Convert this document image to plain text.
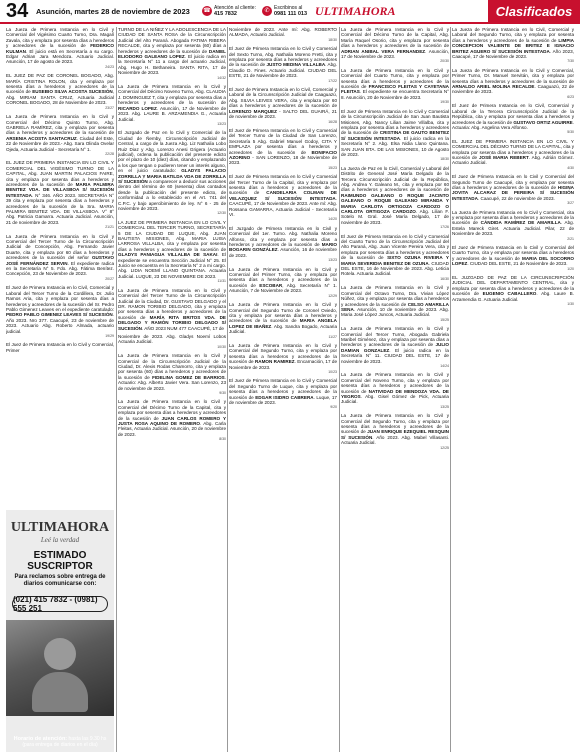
34	Asunción, martes 28 de noviembre de 2023	☎ Atención al cliente:
415 7832	✆ Escribinos al
0981 111 013 ULTIMAHORA	Clasificados
La Jueza de Primera Instancia en lo Civil y Comercial del Vigésimo Cuarto Turno, Dra. Magalí Zavala, cita y emplaza por sesenta días a herederos y acreedores de la sucesión de FEDERICO KULMAN. El juicio está en Secretaría a su cargo. Edgar Adrian Jara Mendoza. Actuario Judicial. Asunción, 17 de agosto de 2023.
24/23
EL JUEZ DE PAZ DE CORONEL BOGADO, Abg. MARÍA CRISTINA ROLON, cita y emplaza por sesenta días a herederos y acreedores de la sucesión de EUSEBIO SILVA ACOSTA SUCESIÓN, Abg. MIRIAM SANTA CRUZ, Actuaria Judicial CORONEL BOGADO, 28 de Noviembre de 2023.
23/27
La Jueza de Primera Instancia en lo Civil y Comercial del Décimo Quinto Turno, Abg. GABRIELA RAMÍREZ, cita y emplaza por sesenta días a herederos y acreedores de la sucesión de ARSENIA ACOSTA SANTACRUZ. Ciudad del Este, 22 de Noviembre de 2023.- Abg. Sara Olinda Ovelar Ojeda, Actuaria Judicial - Secretaría N° 1.
22/28
EL JUEZ DE PRIMERA INSTANCIA EN LO CIVIL Y COMERCIAL DEL VIGÉSIMO TURNO DE LA CAPITAL, Abg. JUAN MARTIN PALACIOS FAIRE, cita y emplaza por sesenta días a herederos y acreedores de la sucesión de MARIA PALMIRA BENITEZ VDA. DE VILLASBOA S/ SUCESIÓN INTESTADA. N° 346. AÑO 2023. SECRETARÍA N° 39 cita y emplaza por sesenta días a herederos y acreedores de la sucesión de la Sra. MARIA PALMIRA BENITEZ VDA. DE VILLASBOA. V° 8° Abg. Patricia Gamarra. Actuaria Judicial. Asunción, 21 de noviembre de 2023.
21/21
La Jueza de Primera Instancia en lo Civil y Comercial del Tercer Turno de la Circunscripción Judicial de Concepción, Abg. Fernando Javier Duarte, cita y emplaza por 60 días a herederos y acreedores de la sucesión del señor GUSTAVO JOSÉ FERNÁNDEZ SERVIN. El expediente radica en la Secretaría N° 5. Fdo. Abg. Fátima Benítez. Concepción, 23 de Noviembre de 2023.
20/27
El Juez de Primera Instancia en lo Civil, Comercial y Laboral del Tercer Turno de la Cordillera, Dr. Julio Ramos Aria, cita y emplaza por sesenta días a herederos y acreedores de la sucesión del Sr. Pedro Pablo Gimenez Leaves en el expediente caratulado: PEDRO PABLO GIMENEZ LEAVES S/ SUCESIÓN. Año 2023. Nro 377. Caacupé, 23 de noviembre de 2023. Actuario Abg. Roberto Almada, actuario judicial.
19/29
El Juez de Primera Instancia en lo Civil y Comercial, Primer
TURNO DE LA NIÑEZ Y LA ADOLESCENCIA DE LA CIUDAD DE SANTA ROSA de la Circunscripción Judicial del Alto Paraná. Abogada FATIMA RIBERA RECALDE, cita y emplaza por sesenta (60) días a herederos y acreedores de la sucesión de DANIEL ELIODORO GALEANO LOPEZ. El juicio radica en la Secretaría N° 11 a cargo del actuario Judicial, Abg. Hugo H. Bethaneira. SANTA RITA, 17 de Noviembre de 2023.
14/32
La Jueza de Primera Instancia en lo Civil y Comercial del Décimo Noveno Turno, Abg. CLAUDIA J. DOMINGUEZ T, cita y emplaza por sesenta días a herederos y acreedores de la sucesión de RICARDO LOPEZ. Asunción, 17 de Noviembre de 2023. Abg. LAURE B. ARZAMENDIA G., Actuaria Judicial.
13/23
El Juzgado de Paz en lo Civil y Comercial de la Ciudad de Ñemby, Circunscripción Judicial de Central, a cargo de la Jueza Abg. Liz Nathalia Lobo Ruiz Diaz y Abg. Lorenzo Anesi Grigera (Actuario judicial), ordena la publicación del presente edicto por el plazo de 10 (diez) días, citando y emplazando a los que tengan o pudieren tener un interés alguno, en el juicio caratulado: GLADYS PALACIO ZORRILLA Y MARIA BATILDA VDA DE ZORRILLA S/ SUCESIÓN a comparecer a deducir sus acciones dentro del término de 60 (sesenta) días contados desde la publicación del presente edicto, de conformidad a lo establecido en el Art. 741 del C.P.C. y bajo apercibimiento de ley. N° 6 - 25 de noviembre de 2023.
12/30
LA JUEZ DE PRIMERA INSTANCIA EN LO CIVIL Y COMERCIAL DEL TERCER TURNO, SECRETARÍA 5 DE LA CIUDAD DE LUQUE, Abg. JUAN BAUTISTA MISIONES, Abg. MARIA LUISA LARROSA VILLALBA, cita y emplaza por sesenta días a herederos y acreedores de la sucesión de GLADYS PANIAGUA VILLALBA DE SAKAI. El expediente se encuentra Sección Judicial N° 25. El Juicio se encuentra en la Secretaría N° 2 a mi cargo. Abg. LIDIA NOEMÍ LLANO QUINTANA. Actuaria Judicial. LUQUE, 23 DE NOVIEMBRE DE 2023.
11/31
La Jueza de Primera Instancia en lo Civil y Comercial del Tercer Turno de la Circunscripción Judicial de la Ciudad, Dr. GUSTAVO DELGADO y el DR. RAMON TORIBIO DELGADO, cita y emplaza por sesenta días a herederos y acreedores de la sucesión de MARÍA RITA BRITOS VDA. DE DELGADO Y RAMÓN TORIBIO DELGADO S/ SUCESIÓN. AÑO 2023 NUM 477 CAACUPÉ, 17 de
Noviembre de 2023. Abg. Gladys Noemí Lobos Actuaria Judicial.
10/30
La Jueza de Primera Instancia en lo Civil y Comercial de la Circunscripción Judicial de la Ciudad, Dr. Alexis Rodas Chamorro, cita y emplaza por sesenta (60) días a herederos y acreedores de la sucesión de FIDELINA GOMEZ DE BARRIOS. Actuario: Abg. Alberto Javier Vera. San Lorenzo, 23 de noviembre de 2023.
9/30
La Jueza de Primera Instancia en lo Civil y Comercial del Décimo Turno de la Capital, cita y emplaza por sesenta días a herederos y acreedores de la sucesión de JUAN CARLOS ROMERO Y JUSTA ROSA AQUINO DE ROMERO. Abg. Carla Fleitas, Actuaria Judicial. Asunción, 20 de noviembre de 2023.
8/30
Noviembre de 2023. Ante mí: Abg. ROBERTO ALMADA, Actuario Judicial.
18/30
El Juez de Primera Instancia en lo Civil y Comercial del Sexto Turno, Abg. Nathalia Moreno Fretti, cita y emplaza por sesenta días a herederos y acreedores de la sucesión de JUSTO MEDINA VILLALBA. Abg. Claudio D. Fines. Actuario Judicial. CIUDAD DEL ESTE, 21 de Noviembre de 2023.
17/22
El Juez de Primera Instancia en lo Civil, Comercial y Laboral de la Circunscripción Judicial de Caaguazú, Abg. SILVIA LEIVES VERA, cita y emplaza por 60 días a herederos y acreedores de la sucesión de LORENZO MARQUEZ - SALTO DEL GUAIRÁ, 21 de noviembre de 2023.
16/28
El Juez de Primera Instancia en lo Civil y Comercial del Tercer Turno de la Ciudad de San Lorenzo, Secretaría 5 Abg. Gabriel Manuel Godoy, CITA Y EMPLAZA por sesenta días a herederos y acreedores de la sucesión de BONIFACIO AZORINO - SAN LORENZO, 18 de Noviembre de 2023.
15/23
El Juez de Primera Instancia en lo Civil y Comercial del Tercer Turno de la Capital, cita y emplaza por sesenta días a herederos y acreedores de la sucesión de CANDELARIA COLMAN DE VELAZQUEZ S/ SUCESIÓN INTESTADA. CAACUPÉ, 17 de Noviembre de 2023. Ante mí: Abg. Rossana GAMARRA, Actuaria Judicial - Secretaría VI.
14/20
El Juzgado de Primera Instancia en lo Civil y Comercial del 1er. Turno. Abg. Nathalia Moreno Alfonso, cita y emplaza por sesenta días a herederos y acreedores de la sucesión de MARIO BOGARIN GONZÁLEZ. Asunción, 16 de noviembre de 2023.
13/23
La Jueza de Primera Instancia en lo Civil y Comercial del Primer Turno, cita y emplaza por sesenta días a herederos y acreedores de la sucesión de ESCOBAR, Abg. Secretaría N° 1. Asunción, 7 de Noviembre de 2023.
12/29
La Jueza de Primera Instancia en lo Civil y Comercial del Segundo Turno de Coronel Oviedo, cita y emplaza por sesenta días a herederos y acreedores de la sucesión de MARIA ANGELA LOPEZ DE IBAÑEZ. Abg. Sandra Bogado, Actuaria Judicial.
11/27
La Jueza de Primera Instancia en lo Civil y Comercial del Segundo Turno, cita y emplaza por sesenta días a herederos y acreedores de la sucesión de RAMON RAMIREZ. Encarnación, 17 de Noviembre de 2023.
10/23
El Juez de Primera Instancia en lo Civil y Comercial del Segundo Turno de Luque, cita y emplaza por sesenta días a herederos y acreedores de la sucesión de EDGAR ISIDRO CABRERA. Luque, 17 de noviembre de 2023.
9/20
La Jueza de Primera Instancia en lo Civil y Comercial del Décimo Turno de la Capital, Abg. María Raquel Osorio, cita y emplaza por sesenta días a herederos y acreedores de la sucesión de ADRIAN ANIBAL VERA FERNANDEZ. Asunción, 17 de Noviembre de 2023.
20/30
La Jueza de Primera Instancia en lo Civil y Comercial del Cuarto Turno, cita y emplaza por sesenta días a herederos y acreedores de la sucesión de FRANCISCO FLEITAS Y CAYETANA FLEITAS. El expediente se encuentra Secretaría N° 8. Asunción, 20 de Noviembre de 2023.
19/30
El Juez de Primera Instancia en lo Civil y Comercial de la Circunscripción Judicial de San Juan Bautista Misiones, Abg. Nancy Lilian Jaime Villalba, cita y emplaza por sesenta días a herederos y acreedores de la sucesión de CRISTINA DE GAUTO BENITEZ S/ SUCESIÓN INTESTADA. El juicio radica en la Secretaría N° 2. Abg. Elsa Nidia Llano Quintana. SAN JUAN BTA. DE LAS MISIONES, 10 de Agosto de 2023.
18/30
La Jueza de Paz en lo Civil, Comercial y Laboral del Distrito de General José María Delgado de la Tercera Circunscripción Judicial de la República, Abg. Andrea Y. Galeano M., cita y emplaza por 60 días a herederos y acreedores de la sucesión de RAIMUNDO GALEANO O ROQUE JACINTO GALEANO O ROQUE GALEANO MIRANDA Y MARIA CARLOTA ORTIGOZA CARDOZO O CARLOTA ORTIGOZA CARDOZO. Abg. Lilian F. Sotelo M. Gral. José María Delgado, 17 de noviembre de 2023.
17/26
El Juez de Primera Instancia en lo Civil y Comercial del Cuarto Turno de la Circunscripción Judicial del Alto Paraná, Abg. Juan Vicente Pereira Vera, cita y emplaza por sesenta días a herederos y acreedores de la sucesión de SIXTO OZUNA RIVEIRA Y MARIA SEVERIDIA BENITEZ DE OZUNA. CIUDAD DEL ESTE, 16 de Noviembre de 2023. Abg. Leticia Rotela. Actuaria Judicial.
16/30
La Jueza de Primera Instancia en lo Civil y Comercial del Octavo Turno, Dra. Vivian López Núñez, cita y emplaza por sesenta días a herederos y acreedores de la sucesión de CELSO AMARILLA SENA. Asunción, 10 de noviembre de 2023. Abg. Maria José López Juncos, Actuaria Judicial.
15/25
La Jueza de Primera Instancia en lo Civil y Comercial del Tercer Turno, Abogada Gabriela Maribel Giménez, cita y emplaza por sesenta días a herederos y acreedores de la sucesión de JULIO DAMIAN GONZALEZ. El juicio radica en la Secretaría N° 11. CIUDAD DEL ESTE, 17 de noviembre de 2023.
14/24
La Jueza de Primera Instancia en lo Civil y Comercial del Noveno Turno, cita y emplaza por sesenta días a herederos y acreedores de la sucesión de NATIVIDAD DE MENDOZA VDA. DE YEGROS. Abg. Gisel Gómez de Pick, Actuaria Judicial.
13/25
La Jueza de Primera Instancia en lo Civil y Comercial del Segundo Turno, cita y emplaza por sesenta días a herederos y acreedores de la sucesión de JUAN ENRIQUE EZEQUIEL RESQUIN S/ SUCESIÓN. Año 2023. Abg. Mabel Villasanti. Actuaria Judicial.
12/25
La Jueza de Primera Instancia en lo Civil, Comercial y Laboral del Segundo Turno, cita y emplaza por sesenta días a herederos y acreedores de la sucesión de LIMPIA CONCEPCION VALIENTE DE BRITEZ E IGNACIO BRITEZ AGUERO S/ SUCESIÓN INTESTADA. Año 2023, Caacupé, 17 de Noviembre de 2023.
7/30
La Jueza de Primera Instancia en lo Civil y Comercial, Primer Turno, Dr. Manuel Servitán, cita y emplaza por sesenta días a herederos y acreedores de la sucesión de ARNALDO ARIEL MOLINA RECALDE. Caaguazú, 22 de noviembre de 2023.
6/23
El Juez de Primera Instancia en lo Civil, Comercial y Laboral de la Tercera Circunscripción Judicial de la República, cita y emplaza por sesenta días a herederos y acreedores de la sucesión de GUSTAVO ORTIZ AGUIRRE. Actuaria: Abg. Angelina Vera Alfonso.
5/30
EL JUEZ DE PRIMERA INSTANCIA EN LO CIVIL Y COMERCIAL DEL DÉCIMO TURNO DE LA CAPITAL, cita y emplaza por sesenta días a herederos y acreedores de la sucesión de JOSÉ MARIA REBERT. Abg. Adrián Gómez. Actuario Judicial.
4/30
El Juez de Primera Instancia en lo Civil y Comercial del Segundo Turno de Caacupé, cita y emplaza por sesenta días a herederos y acreedores de la sucesión de HIGINA JOVITA ALCARAZ DE PEREIRA S/ SUCESIÓN INTESTADA. Caacupé, 22 de noviembre de 2023.
3/27
La Jueza de Primera Instancia en lo Civil y Comercial, cita y emplaza por sesenta días a herederos y acreedores de la sucesión de CÁNDIDA RAMÍREZ DE AMARILLA. Abg. Estela Mareck Giret. Actuaria Judicial. Pilar, 22 de Noviembre de 2023.
2/21
El Juez de Primera Instancia en lo Civil y Comercial del Cuarto Turno, cita y emplaza por sesenta días a herederos y acreedores de la sucesión de MARIA DEL SOCORRO LOPEZ. CIUDAD DEL ESTE, 21 de Noviembre de 2023.
1/20
EL JUZGADO DE PAZ DE LA CIRCUNSCRIPCIÓN JUDICIAL DEL DEPARTAMENTO CENTRAL, cita y emplaza por sesenta días a herederos y acreedores de la sucesión de EUGENIO CABALLERO. Abg. Laure B. Arzamendia G. Actuaria Judicial.
1/30
ULTIMAHORA
Leé la verdad
ESTIMADO SUSCRIPTOR
Para reclamos sobre entrega de diarios comunicarse con:
(021) 415 7832 - (0981) 555 251
Horario de atención: hasta las 9.30 hs
(para entrega de diarios en el día)
